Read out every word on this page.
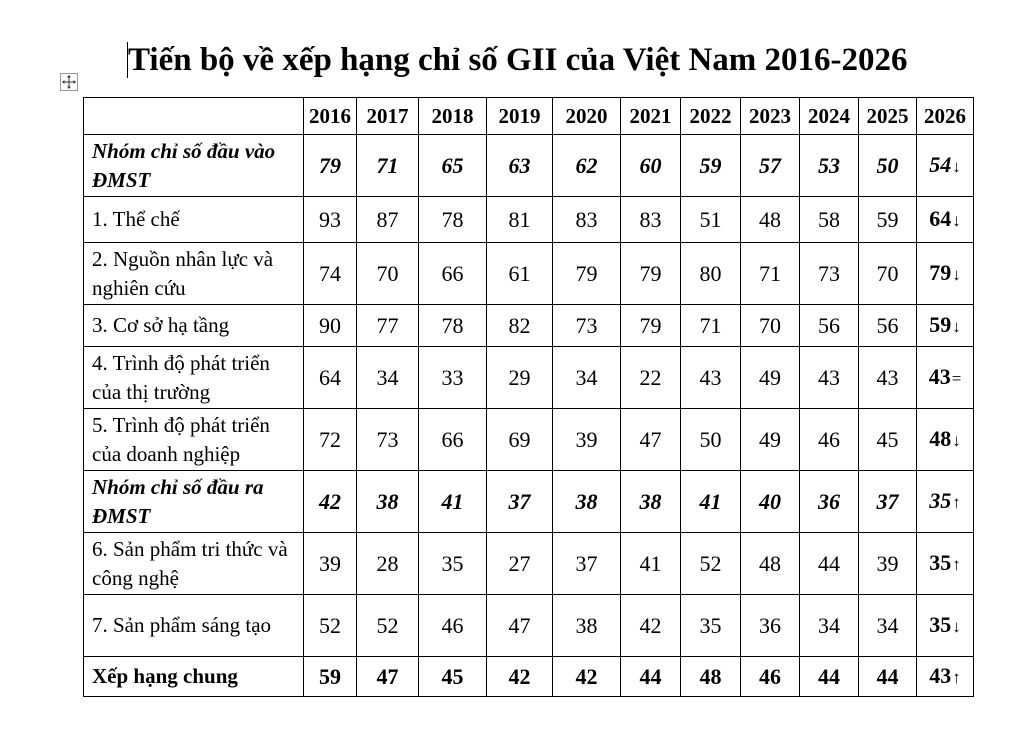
Tiến bộ về xếp hạng chỉ số GII của Việt Nam 2016-2026
	2016	2017	2018	2019	2020	2021	2022	2023	2024	2025	2026
Nhóm chỉ số đầu vào ĐMST	79	71	65	63	62	60	59	57	53	50	54↓
1. Thể chế	93	87	78	81	83	83	51	48	58	59	64↓
2. Nguồn nhân lực và nghiên cứu	74	70	66	61	79	79	80	71	73	70	79↓
3. Cơ sở hạ tầng	90	77	78	82	73	79	71	70	56	56	59↓
4. Trình độ phát triển của thị trường	64	34	33	29	34	22	43	49	43	43	43=
5. Trình độ phát triển của doanh nghiệp	72	73	66	69	39	47	50	49	46	45	48↓
Nhóm chỉ số đầu ra ĐMST	42	38	41	37	38	38	41	40	36	37	35↑
6. Sản phẩm tri thức và công nghệ	39	28	35	27	37	41	52	48	44	39	35↑
7. Sản phẩm sáng tạo	52	52	46	47	38	42	35	36	34	34	35↓
Xếp hạng chung	59	47	45	42	42	44	48	46	44	44	43↑
